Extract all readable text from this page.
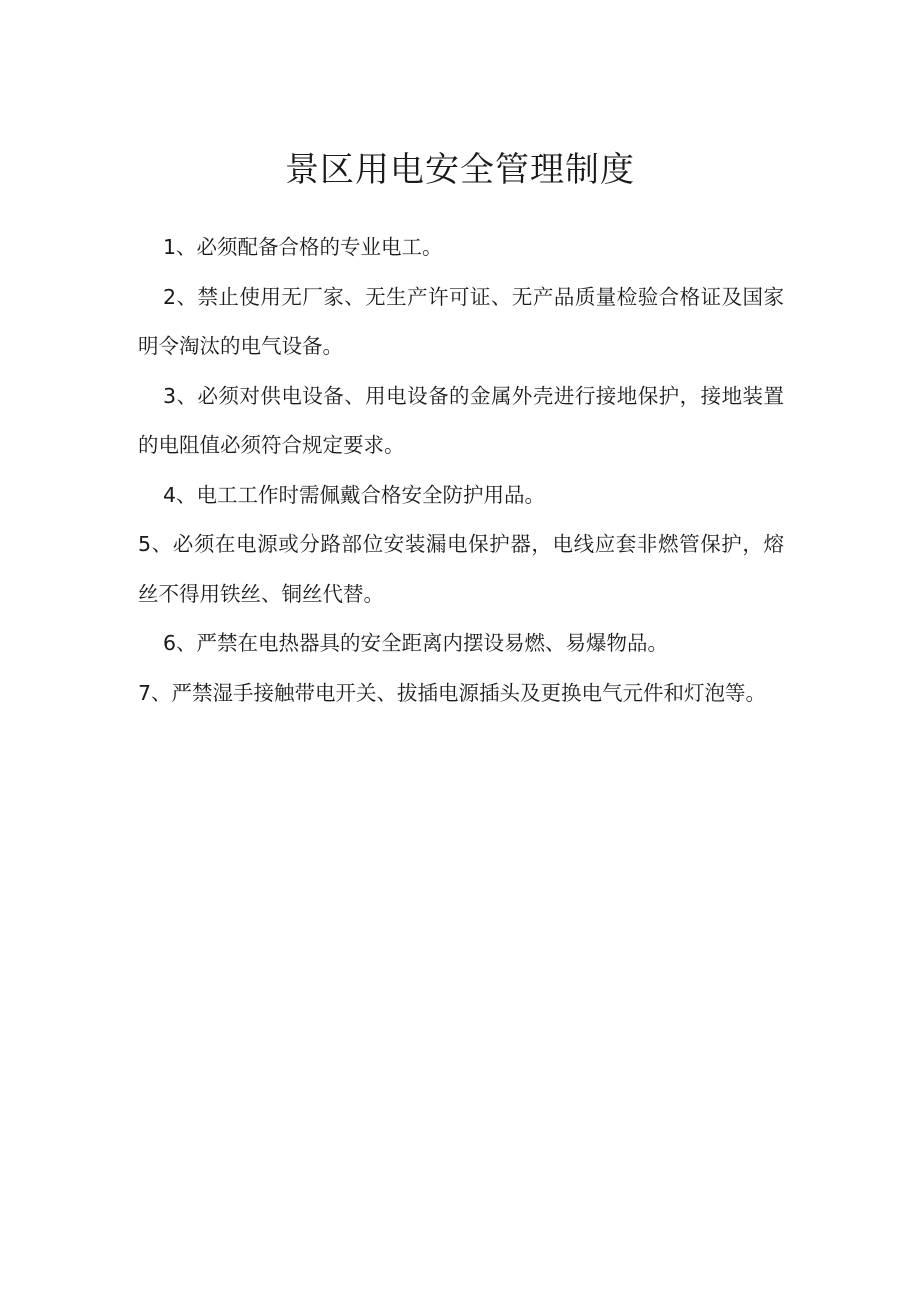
景区用电安全管理制度

1、必须配备合格的专业电工。

2、禁止使用无厂家、无生产许可证、无产品质量检验合格证及国家明令淘汰的电气设备。

3、必须对供电设备、用电设备的金属外壳进行接地保护，接地装置的电阻值必须符合规定要求。

4、电工工作时需佩戴合格安全防护用品。

5、必须在电源或分路部位安装漏电保护器，电线应套非燃管保护，熔丝不得用铁丝、铜丝代替。

6、严禁在电热器具的安全距离内摆设易燃、易爆物品。

7、严禁湿手接触带电开关、拔插电源插头及更换电气元件和灯泡等。
